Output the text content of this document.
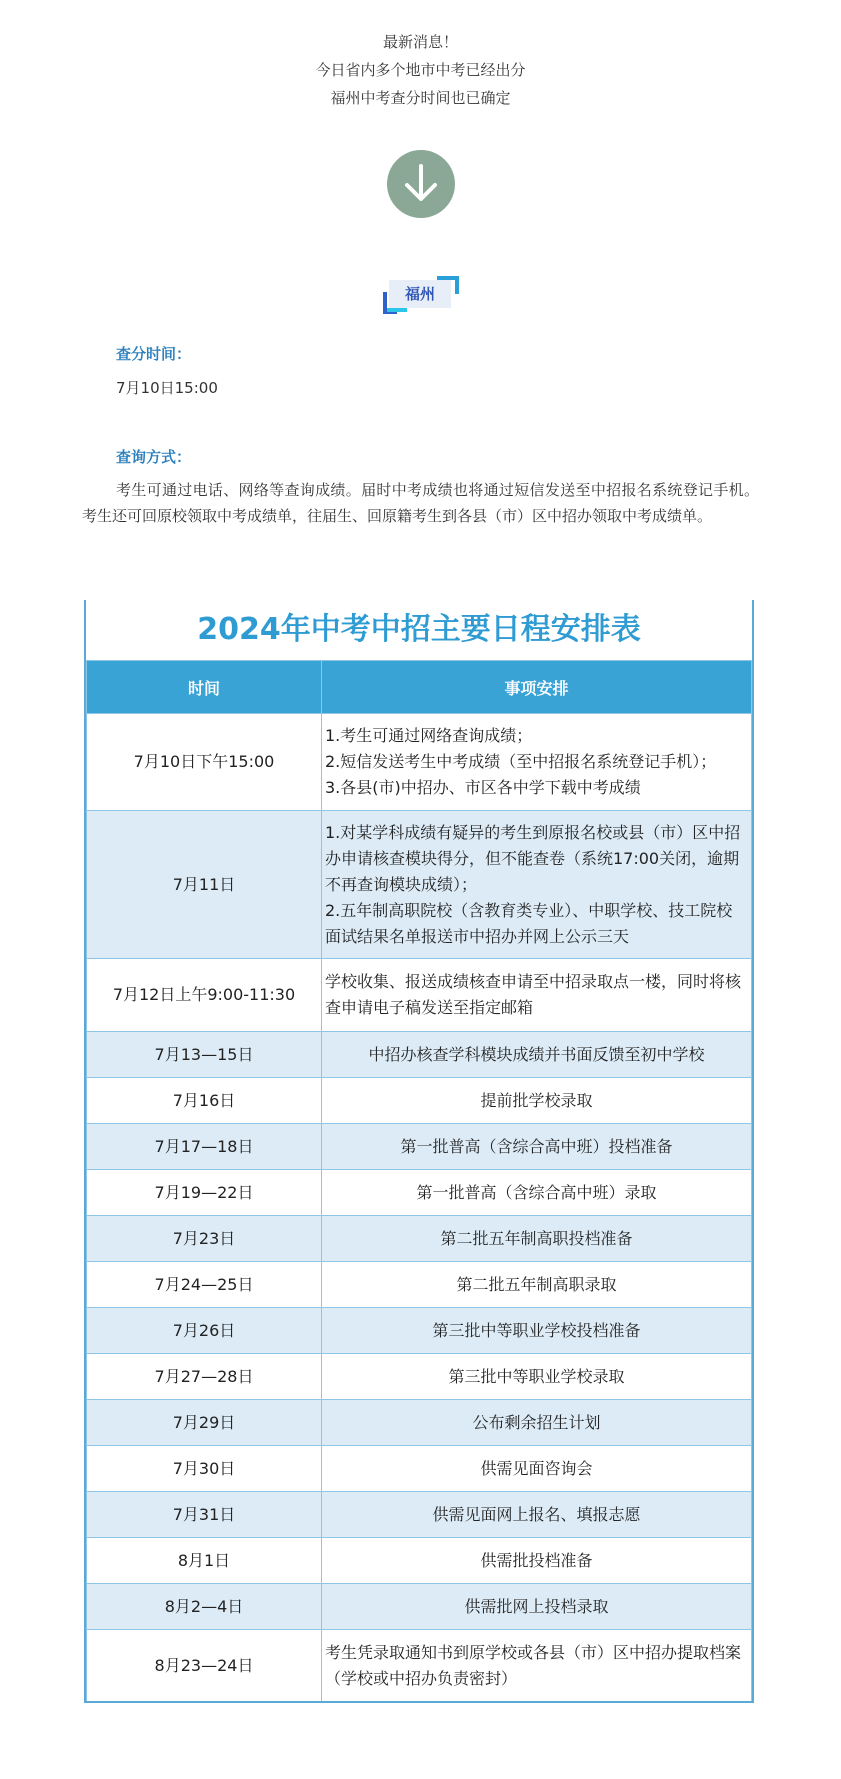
最新消息！

今日省内多个地市中考已经出分

福州中考查分时间也已确定

福州
查分时间：
7月10日15:00
查询方式：
考生可通过电话、网络等查询成绩。届时中考成绩也将通过短信发送至中招报名系统登记手机。考生还可回原校领取中考成绩单，往届生、回原籍考生到各县（市）区中招办领取中考成绩单。
2024年中考中招主要日程安排表
时间	事项安排
7月10日下午15:00	1.考生可通过网络查询成绩；
2.短信发送考生中考成绩（至中招报名系统登记手机）；
3.各县(市)中招办、市区各中学下载中考成绩

7月11日	1.对某学科成绩有疑异的考生到原报名校或县（市）区中招办申请核查模块得分，但不能查卷（系统17:00关闭，逾期不再查询模块成绩）；
2.五年制高职院校（含教育类专业）、中职学校、技工院校面试结果名单报送市中招办并网上公示三天

7月12日上午9:00-11:30	学校收集、报送成绩核查申请至中招录取点一楼，同时将核查申请电子稿发送至指定邮箱

7月13—15日	中招办核查学科模块成绩并书面反馈至初中学校

7月16日	提前批学校录取

7月17—18日	第一批普高（含综合高中班）投档准备

7月19—22日	第一批普高（含综合高中班）录取

7月23日	第二批五年制高职投档准备

7月24—25日	第二批五年制高职录取

7月26日	第三批中等职业学校投档准备

7月27—28日	第三批中等职业学校录取

7月29日	公布剩余招生计划

7月30日	供需见面咨询会

7月31日	供需见面网上报名、填报志愿

8月1日	供需批投档准备

8月2—4日	供需批网上投档录取

8月23—24日	考生凭录取通知书到原学校或各县（市）区中招办提取档案（学校或中招办负责密封）
